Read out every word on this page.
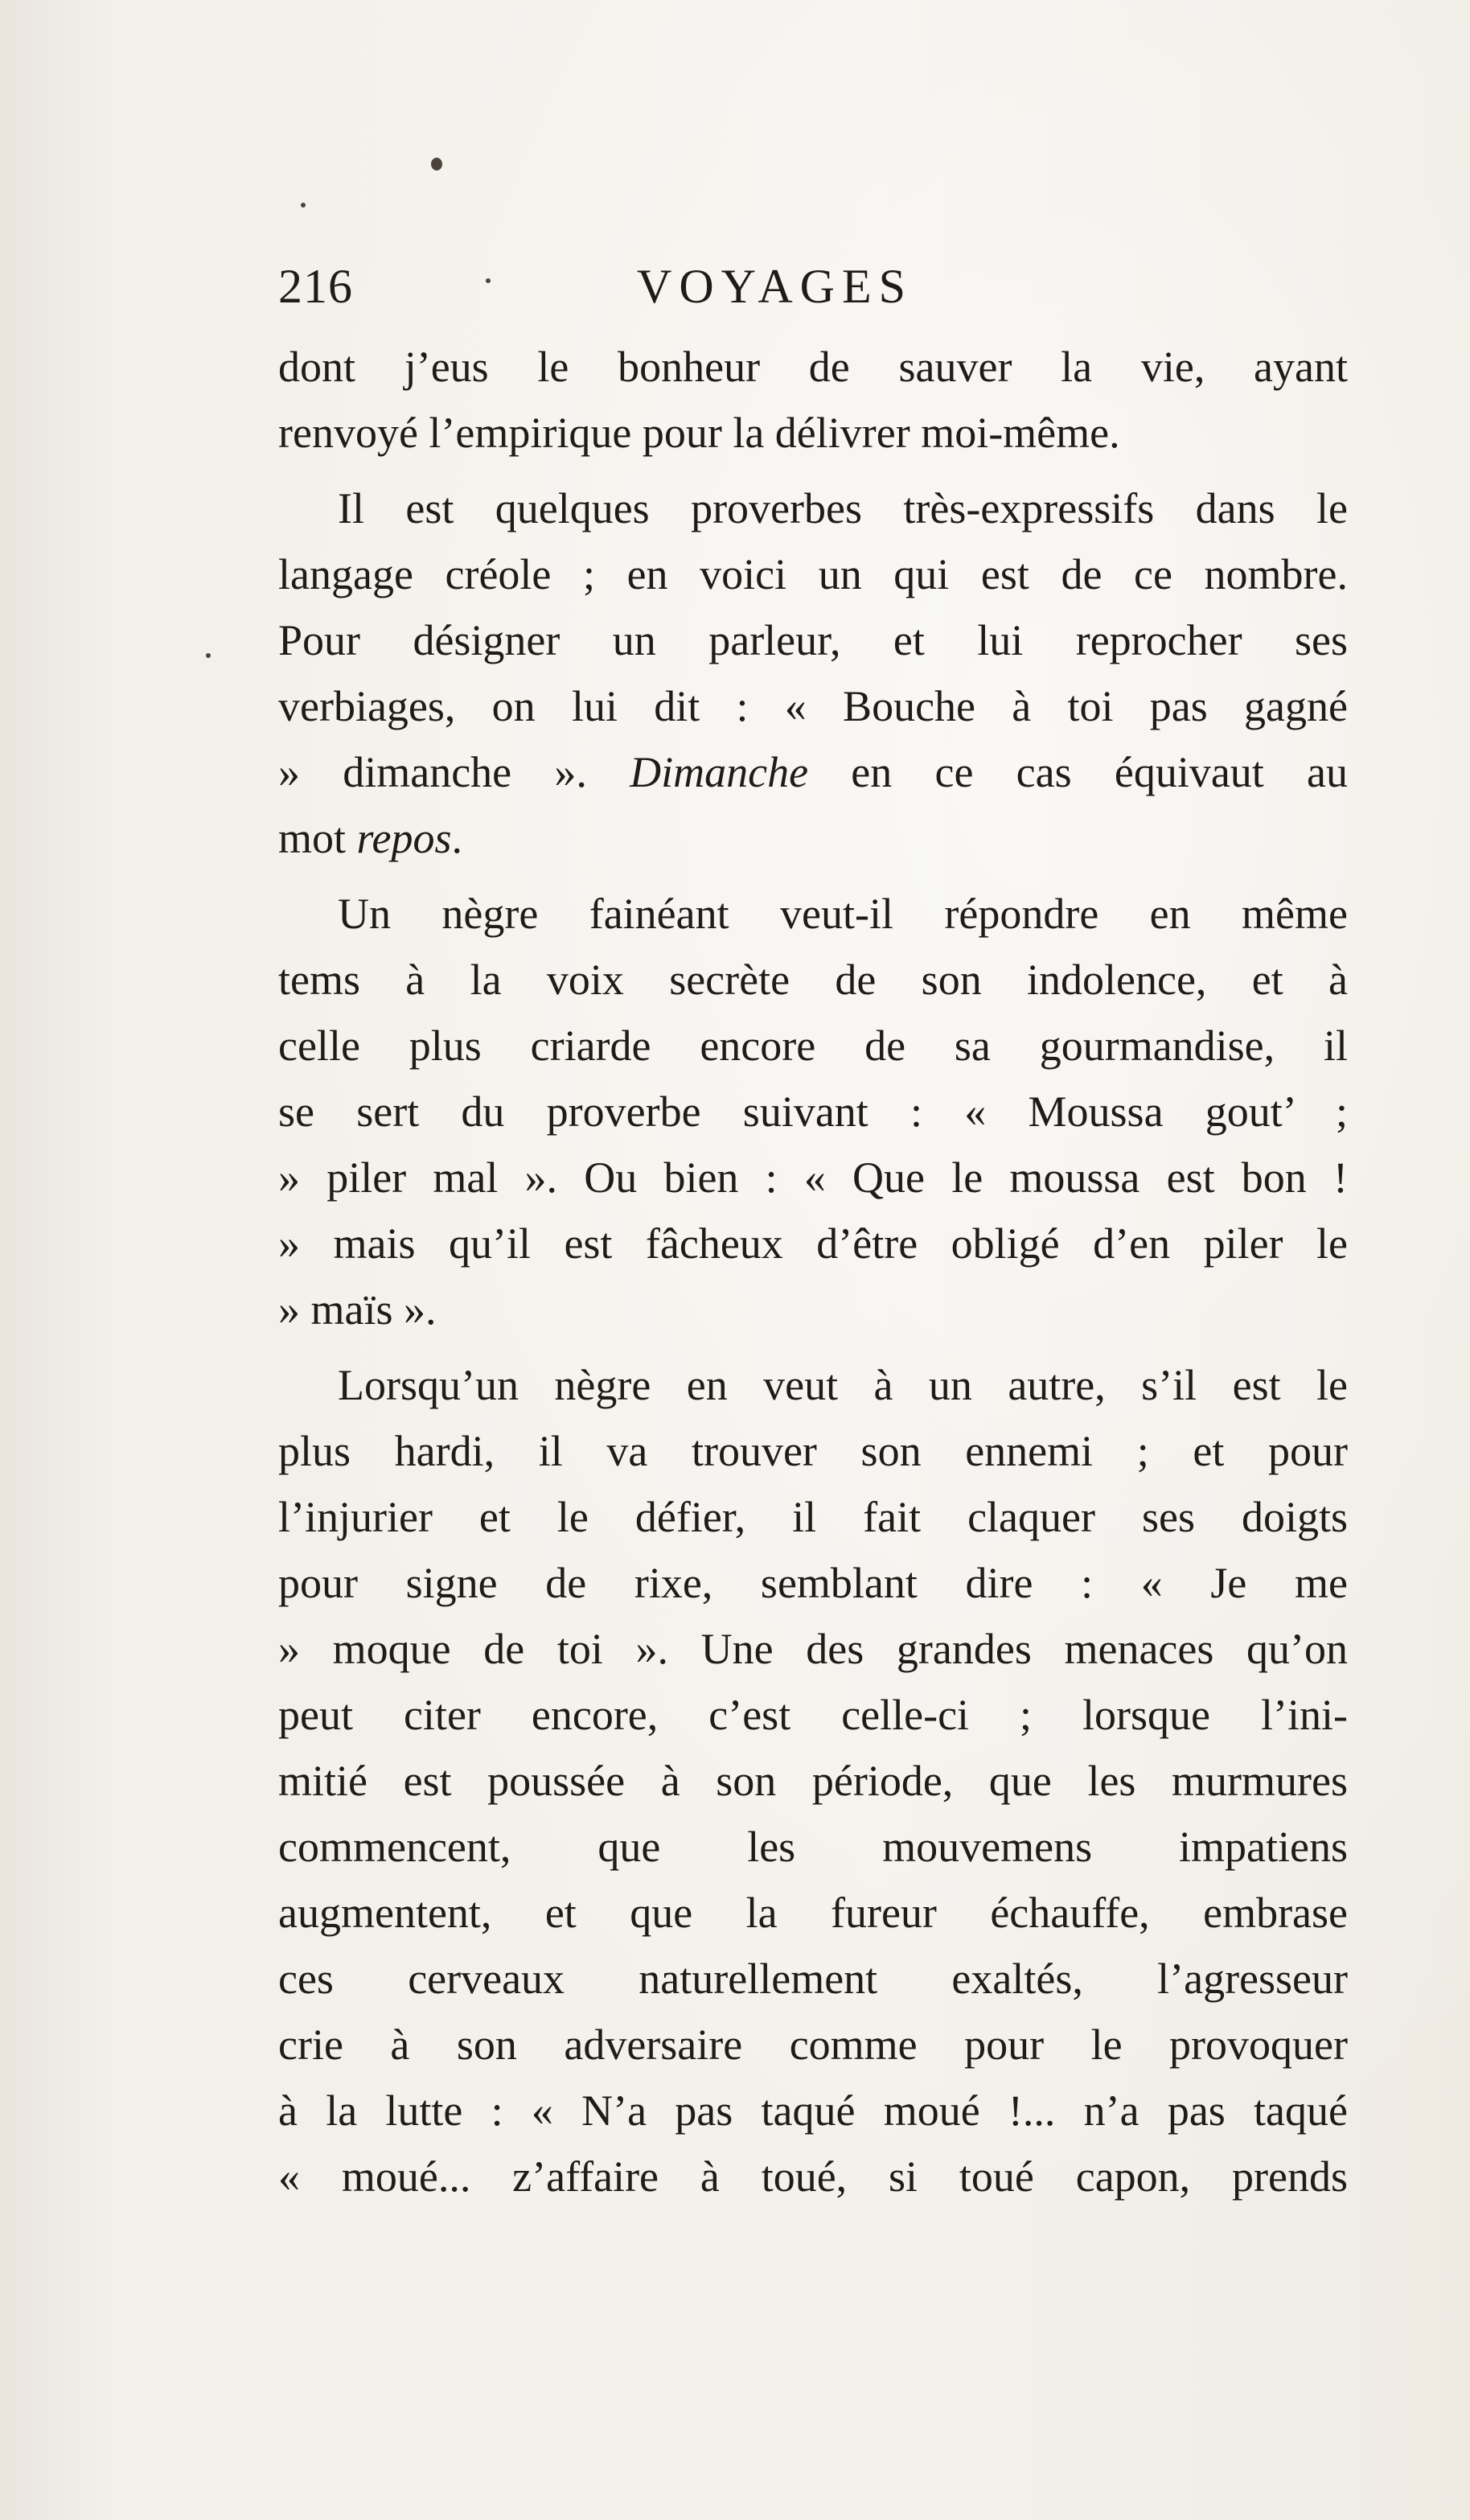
216	VOYAGES
dont j’eus le bonheur de sauver la vie, ayant
renvoyé l’empirique pour la délivrer moi-même.
Il est quelques proverbes très-expressifs dans le
langage créole ; en voici un qui est de ce nombre.
Pour désigner un parleur, et lui reprocher ses
verbiages, on lui dit : « Bouche à toi pas gagné
» dimanche ». Dimanche en ce cas équivaut au
mot repos.
Un nègre fainéant veut-il répondre en même
tems à la voix secrète de son indolence, et à
celle plus criarde encore de sa gourmandise, il
se sert du proverbe suivant : « Moussa gout’ ;
» piler mal ». Ou bien : « Que le moussa est bon !
» mais qu’il est fâcheux d’être obligé d’en piler le
» maïs ».
Lorsqu’un nègre en veut à un autre, s’il est le
plus hardi, il va trouver son ennemi ; et pour
l’injurier et le défier, il fait claquer ses doigts
pour signe de rixe, semblant dire : « Je me
» moque de toi ». Une des grandes menaces qu’on
peut citer encore, c’est celle-ci ; lorsque l’ini-
mitié est poussée à son période, que les murmures
commencent, que les mouvemens impatiens
augmentent, et que la fureur échauffe, embrase
ces cerveaux naturellement exaltés, l’agresseur
crie à son adversaire comme pour le provoquer
à la lutte : « N’a pas taqué moué !... n’a pas taqué
« moué... z’affaire à toué, si toué capon, prends
